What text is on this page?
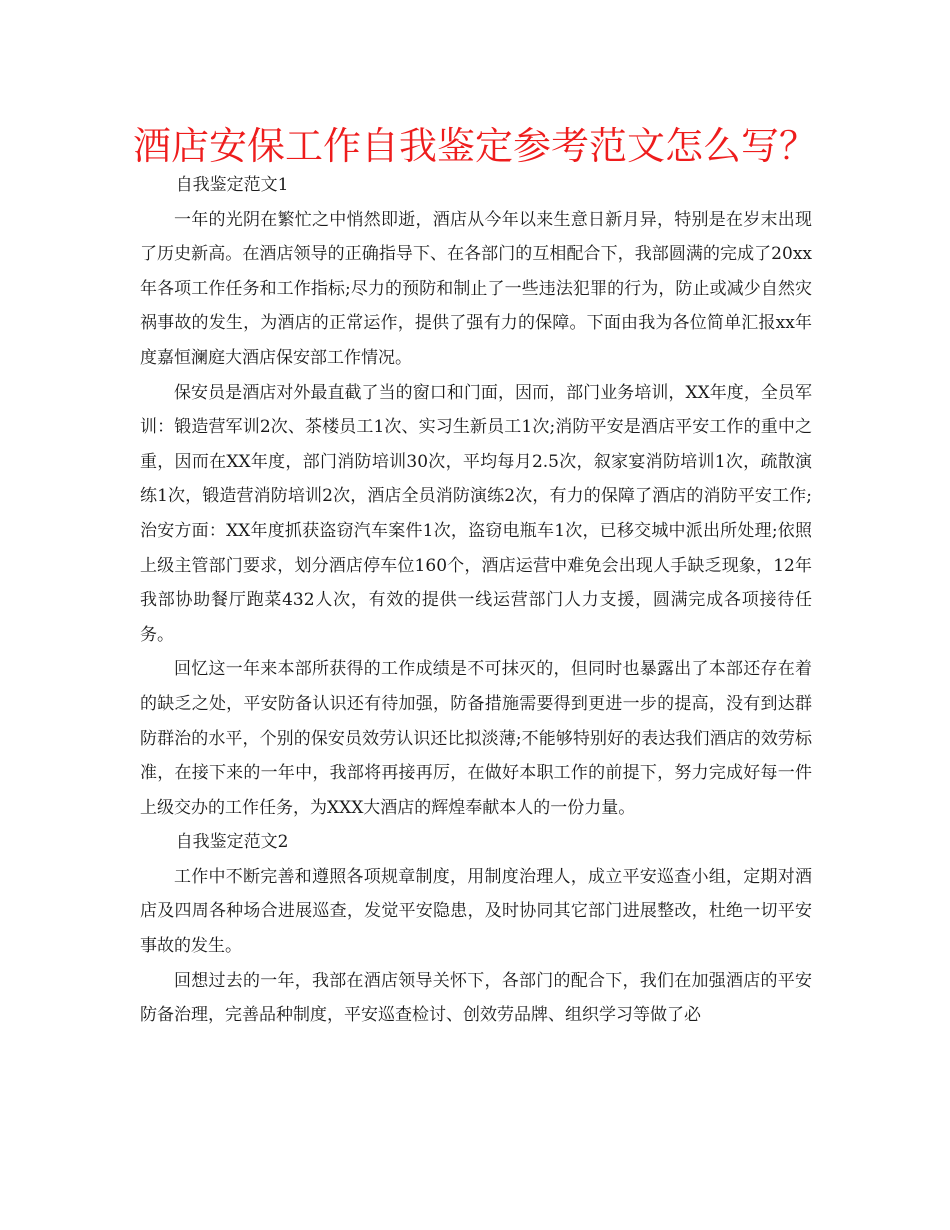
酒店安保工作自我鉴定参考范文怎么写？

自我鉴定范文1

一年的光阴在繁忙之中悄然即逝，酒店从今年以来生意日新月异，特别是在岁末出现了历史新高。在酒店领导的正确指导下、在各部门的互相配合下，我部圆满的完成了20xx年各项工作任务和工作指标;尽力的预防和制止了一些违法犯罪的行为，防止或减少自然灾祸事故的发生，为酒店的正常运作，提供了强有力的保障。下面由我为各位简单汇报xx年度嘉恒澜庭大酒店保安部工作情况。

保安员是酒店对外最直截了当的窗口和门面，因而，部门业务培训，XX年度，全员军训：锻造营军训2次、茶楼员工1次、实习生新员工1次;消防平安是酒店平安工作的重中之重，因而在XX年度，部门消防培训30次，平均每月2.5次，叙家宴消防培训1次，疏散演练1次，锻造营消防培训2次，酒店全员消防演练2次，有力的保障了酒店的消防平安工作;治安方面：XX年度抓获盗窃汽车案件1次，盗窃电瓶车1次，已移交城中派出所处理;依照上级主管部门要求，划分酒店停车位160个，酒店运营中难免会出现人手缺乏现象，12年我部协助餐厅跑菜432人次，有效的提供一线运营部门人力支援，圆满完成各项接待任务。

回忆这一年来本部所获得的工作成绩是不可抹灭的，但同时也暴露出了本部还存在着的缺乏之处，平安防备认识还有待加强，防备措施需要得到更进一步的提高，没有到达群防群治的水平，个别的保安员效劳认识还比拟淡薄;不能够特别好的表达我们酒店的效劳标准，在接下来的一年中，我部将再接再厉，在做好本职工作的前提下，努力完成好每一件上级交办的工作任务，为XXX大酒店的辉煌奉献本人的一份力量。

自我鉴定范文2

工作中不断完善和遵照各项规章制度，用制度治理人，成立平安巡查小组，定期对酒店及四周各种场合进展巡查，发觉平安隐患，及时协同其它部门进展整改，杜绝一切平安事故的发生。

回想过去的一年，我部在酒店领导关怀下，各部门的配合下，我们在加强酒店的平安防备治理，完善品种制度，平安巡查检讨、创效劳品牌、组织学习等做了必
